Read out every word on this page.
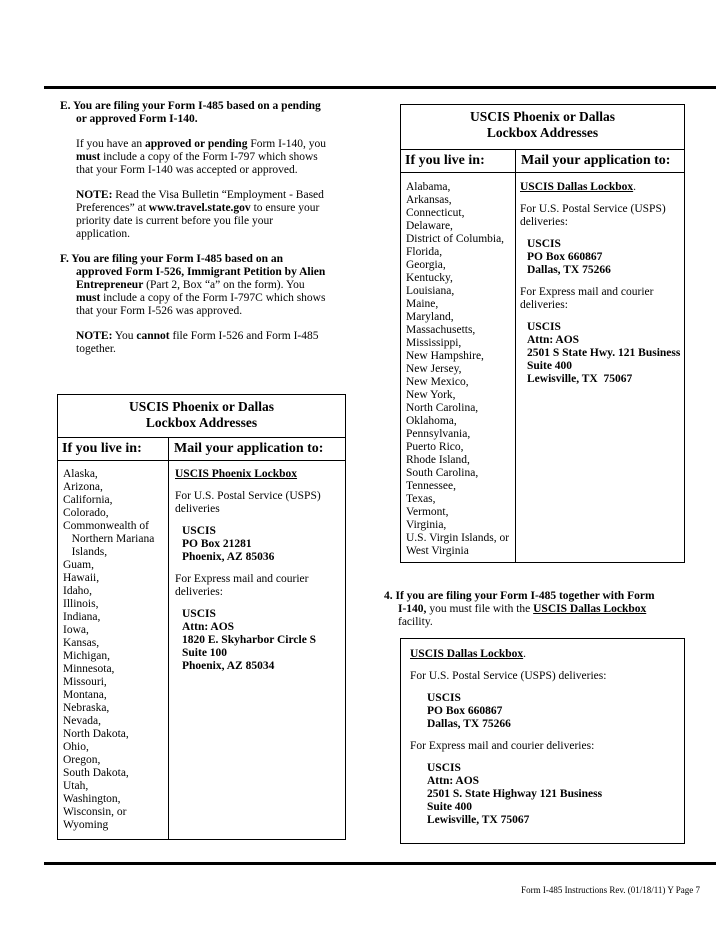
E. You are filing your Form I-485 based on a pending
or approved Form I-140.
If you have an approved or pending Form I-140, you
must include a copy of the Form I-797 which shows
that your Form I-140 was accepted or approved.
NOTE: Read the Visa Bulletin “Employment - Based
Preferences” at www.travel.state.gov to ensure your
priority date is current before you file your
application.
F. You are filing your Form I-485 based on an
approved Form I-526, Immigrant Petition by Alien
Entrepreneur (Part 2, Box “a” on the form). You
must include a copy of the Form I-797C which shows
that your Form I-526 was approved.
NOTE: You cannot file Form I-526 and Form I-485
together.
USCIS Phoenix or Dallas
Lockbox Addresses
If you live in: Mail your application to:
Alaska,
Arizona,
California,
Colorado,
Commonwealth of
Northern Mariana
Islands,
Guam,
Hawaii,
Idaho,
Illinois,
Indiana,
Iowa,
Kansas,
Michigan,
Minnesota,
Missouri,
Montana,
Nebraska,
Nevada,
North Dakota,
Ohio,
Oregon,
South Dakota,
Utah,
Washington,
Wisconsin, or
Wyoming
USCIS Phoenix Lockbox
For U.S. Postal Service (USPS)
deliveries
USCIS
PO Box 21281
Phoenix, AZ 85036
For Express mail and courier
deliveries:
USCIS
Attn: AOS
1820 E. Skyharbor Circle S
Suite 100
Phoenix, AZ 85034
USCIS Phoenix or Dallas
Lockbox Addresses
If you live in:	Mail your application to:
Alabama,
Arkansas,
Connecticut,
Delaware,
District of Columbia,
Florida,
Georgia,
Kentucky,
Louisiana,
Maine,
Maryland,
Massachusetts,
Mississippi,
New Hampshire,
New Jersey,
New Mexico,
New York,
North Carolina,
Oklahoma,
Pennsylvania,
Puerto Rico,
Rhode Island,
South Carolina,
Tennessee,
Texas,
Vermont,
Virginia,
U.S. Virgin Islands, or
West Virginia
USCIS Dallas Lockbox.
For U.S. Postal Service (USPS)
deliveries:
USCIS
PO Box 660867
Dallas, TX 75266
For Express mail and courier
deliveries:
USCIS
Attn: AOS
2501 S State Hwy. 121 Business
Suite 400
Lewisville, TX  75067
4. If you are filing your Form I-485 together with Form
I-140, you must file with the USCIS Dallas Lockbox
facility.
USCIS Dallas Lockbox.
For U.S. Postal Service (USPS) deliveries:
USCIS
PO Box 660867
Dallas, TX 75266
For Express mail and courier deliveries:
USCIS
Attn: AOS
2501 S. State Highway 121 Business
Suite 400
Lewisville, TX 75067
Form I-485 Instructions Rev. (01/18/11) Y Page 7
